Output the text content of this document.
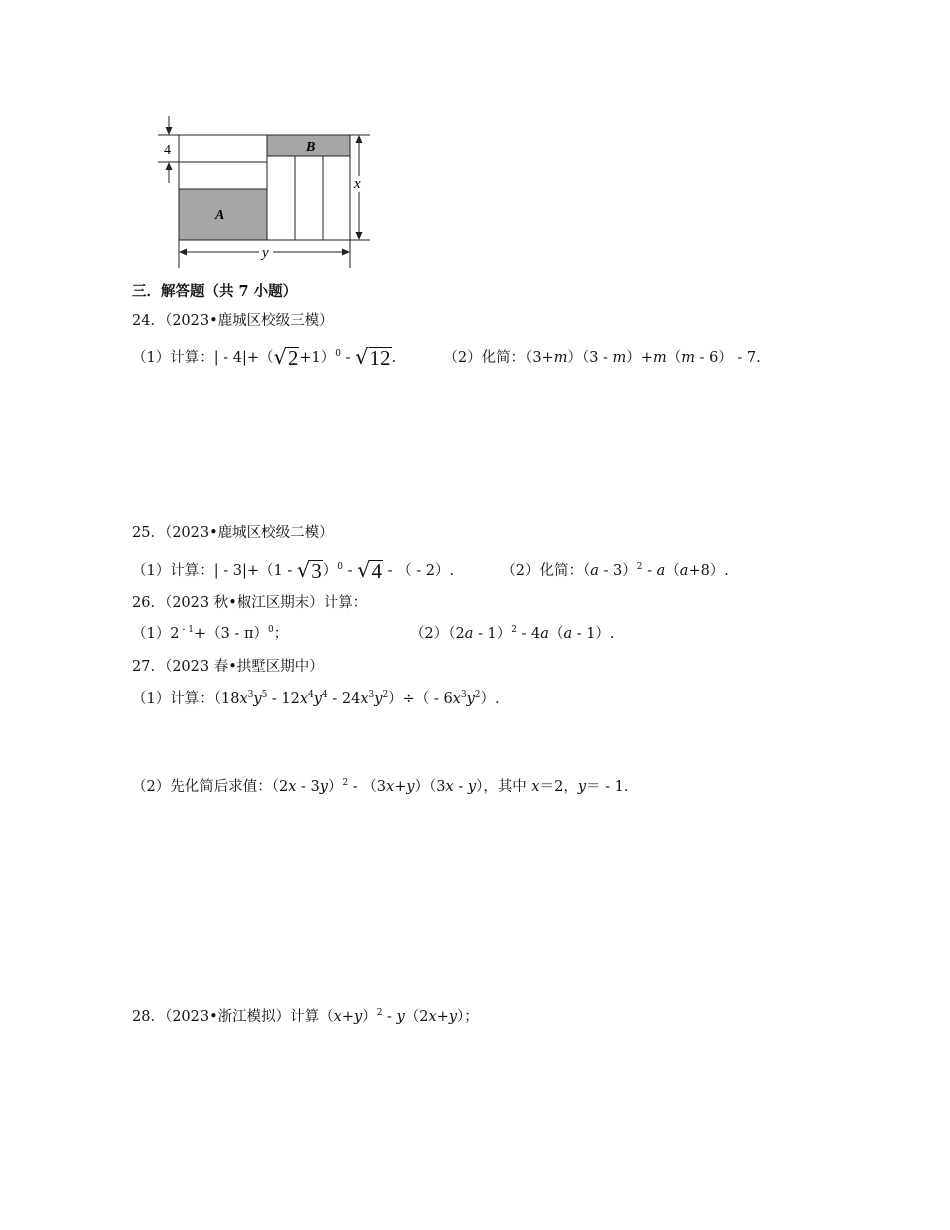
4
x
y
B
A
三．解答题（共 7 小题）
24．（2023•鹿城区校级三模）
（1）计算：| - 4|+（ √ 2 +1）$^0$ - √ 12 .	（2）化简：（3+m）（3 - m）+m（m - 6） - 7.
25．（2023•鹿城区校级二模）
（1）计算：| - 3|+（1 - √ 3 ）$^0$ - √ 4 - （ - 2）.	（2）化简：（a - 3）$^2$ - a（a+8）.
26．（2023 秋•椒江区期末）计算：
（1）2 $^{- 1}$+（3 - π）$^0$；	（2）（2a - 1）$^2$ - 4a（a - 1）.
27．（2023 春•拱墅区期中）
（1）计算：$(18x^3y^5 - 12x^4y^4 - 24x^3y^2)\div( - 6x^3y^2)$.
（2）先化简后求值：（2x - 3y）$^2$ - （3x+y）（3x - y），其中 x＝2，y＝ - 1.
28．（2023•浙江模拟）计算$(x+y)^2 - y(2x+y)$；
